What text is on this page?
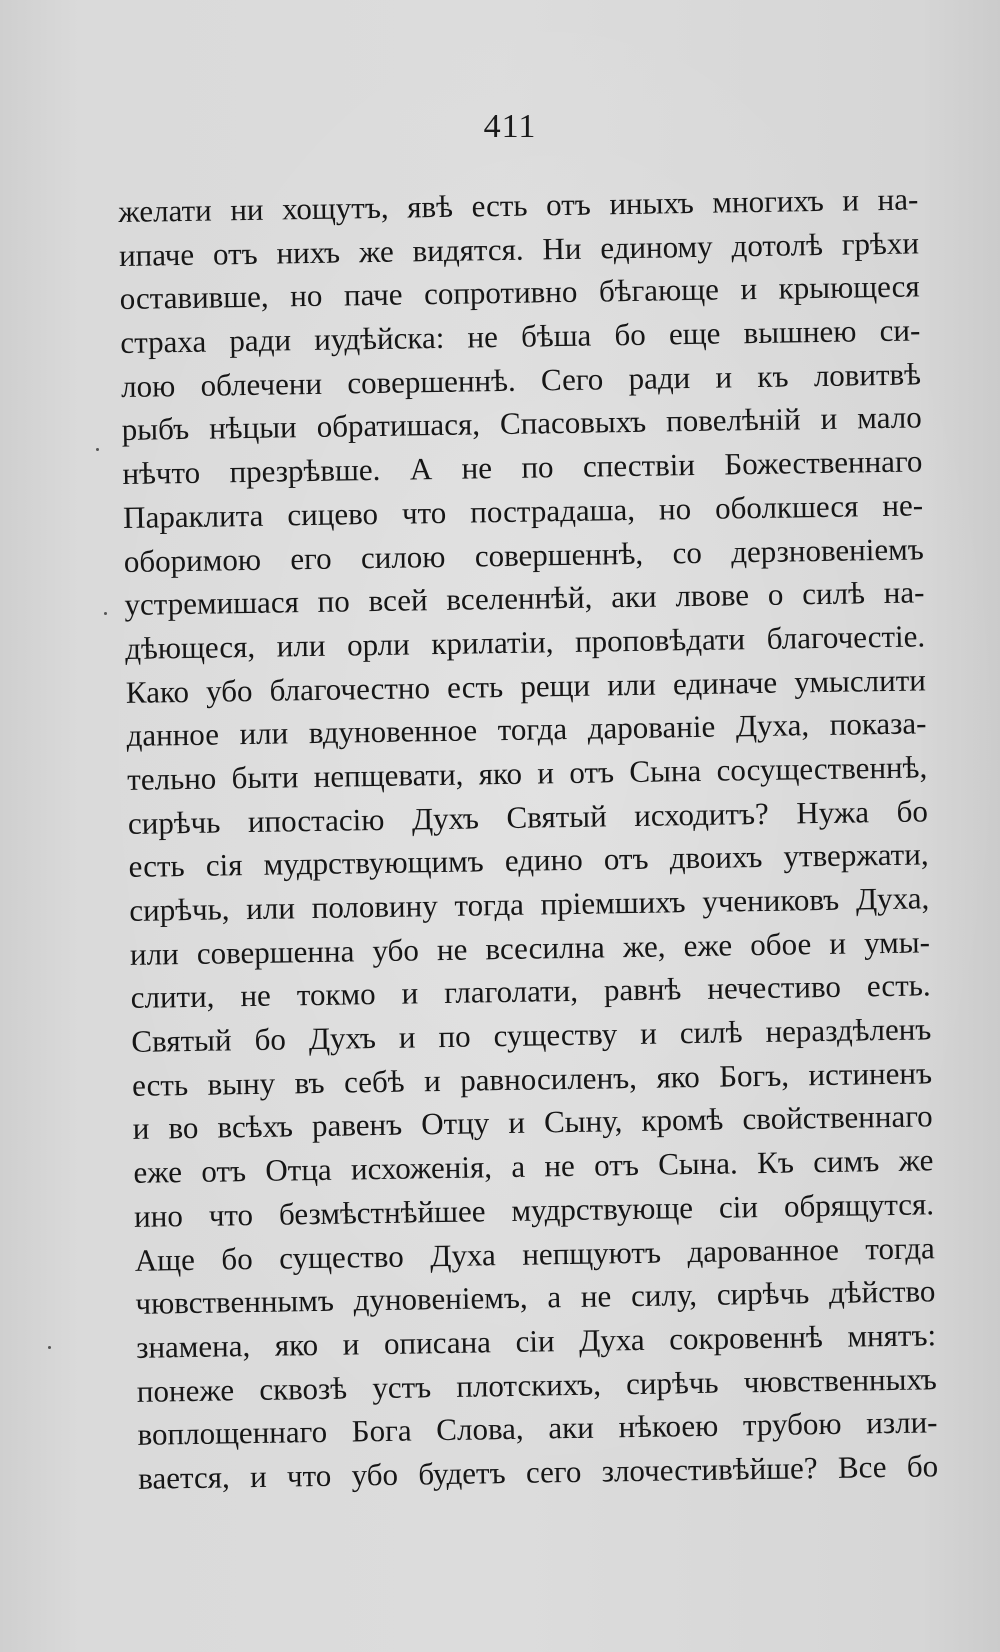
411
желати ни хощутъ, явѣ есть отъ иныхъ многихъ и на-
ипаче отъ нихъ же видятся. Ни единому дотолѣ грѣхи
оставивше, но паче сопротивно бѣгающе и крыющеся
страха ради иудѣйска: не бѣша бо еще вышнею си-
лою облечени совершеннѣ. Сего ради и къ ловитвѣ
рыбъ нѣцыи обратишася, Спасовыхъ повелѣній и мало
нѣчто презрѣвше. А не по спествіи Божественнаго
Параклита сицево что пострадаша, но оболкшеся не-
оборимою его силою совершеннѣ, со дерзновеніемъ
устремишася по всей вселеннѣй, аки лвове о силѣ на-
дѣющеся, или орли крилатіи, проповѣдати благочестіе.
Како убо благочестно есть рещи или единаче умыслити
данное или вдуновенное тогда дарованіе Духа, показа-
тельно быти непщевати, яко и отъ Сына сосущественнѣ,
сирѣчь ипостасію Духъ Святый исходитъ? Нужа бо
есть сія мудрствующимъ едино отъ двоихъ утвержати,
сирѣчь, или половину тогда пріемшихъ учениковъ Духа,
или совершенна убо не всесилна же, еже обое и умы-
слити, не токмо и глаголати, равнѣ нечестиво есть.
Святый бо Духъ и по существу и силѣ нераздѣленъ
есть выну въ себѣ и равносиленъ, яко Богъ, истиненъ
и во всѣхъ равенъ Отцу и Сыну, кромѣ свойственнаго
еже отъ Отца исхоженія, а не отъ Сына. Къ симъ же
ино что безмѣстнѣйшее мудрствующе сіи обрящутся.
Аще бо существо Духа непщуютъ дарованное тогда
чювственнымъ дуновеніемъ, а не силу, сирѣчь дѣйство
знамена, яко и описана сіи Духа сокровеннѣ мнятъ:
понеже сквозѣ устъ плотскихъ, сирѣчь чювственныхъ
воплощеннаго Бога Слова, аки нѣкоею трубою изли-
вается, и что убо будетъ сего злочестивѣйше? Все бо
